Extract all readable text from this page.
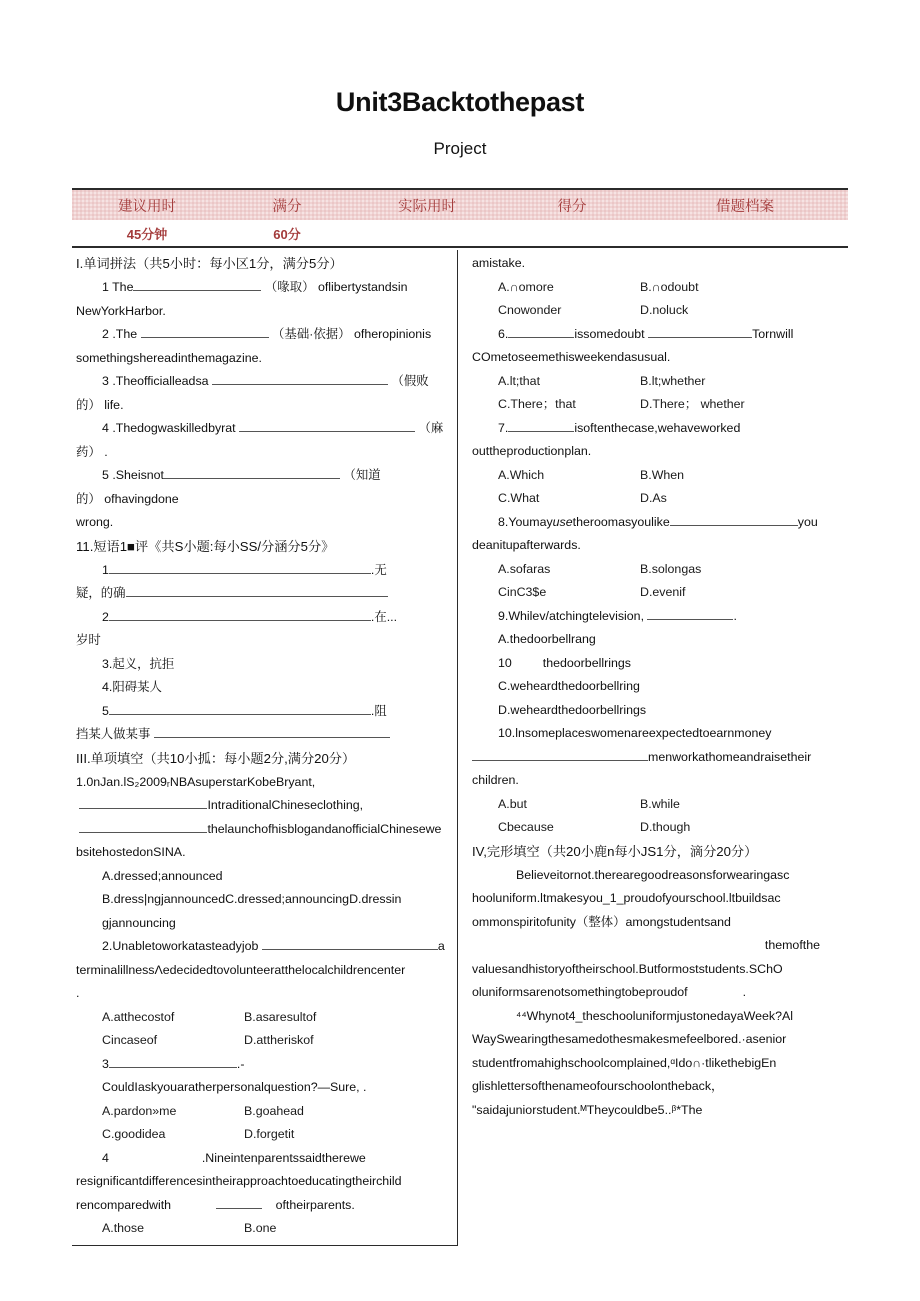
Unit3Backtothepast
Project
建议用时	满分	实际用时	得分	借题档案
45分钟	60分
I.单词拼法（共5小时：每小区1分，满分5分）
1 The	（喙取） oflibertystandsin
NewYorkHarbor.
2 .The	（基础·依据） ofheropinionis
somethingshereadinthemagazine.
3 .Theofficialleadsa	（假败的） life.
4 .Thedogwaskilledbyrat	（麻药） .
5 .Sheisnot	（知道的） ofhavingdone
wrong.
11.短语1■评《共S小题:每小SS/分涵分5分》
1	.无
疑，的确
2	.在...
岁时
3.起义，抗拒
4.阳碍某人
5	.阻
挡某人做某事
III.单项填空（共10小㧓：每小题2分,满分20分）
1.0nJan.lS₂2009ᵣNBAsuperstarKobeBryant,
IntraditionalChineseclothing,
thelaunchofhisblogandanofficialChinesewe
bsitehostedonSINA.
A.dressed;announced
B.dress|ngjannouncedC.dressed;announcingD.dressin
gjannouncing
2.Unabletoworkatasteadyjob	a
terminalillnessΛedecidedtovolunteeratthelocalchildrencenter
.
A.atthecostof	B.asaresultof
Cincaseof	D.attheriskof
3	.-
CouldIaskyouaratherpersonalquestion?—Sure, .
A.pardon»me	B.goahead
C.goodidea	D.forgetit
4	.Nineintenparentssaidtherewe
resignificantdifferencesintheirapproachtoeducatingtheirchild
rencomparedwith	oftheirparents.
A.those	B.one
amistake.
A.∩omore	B.∩odoubt
Cnowonder	D.noluck
6.	issomedoubt	Tornwill
COmetoseemethisweekendasusual.
A.lt;that	B.lt;whether
C.There；that	D.There； whether
7.	isoftenthecase,wehaveworked
outtheproductionplan.
A.Which	B.When
C.What	D.As
8.Youmayusetheroomasyoulike	you
deanitupafterwards.
A.sofaras	B.solongas
CinC3$e	D.evenif
9.Whilev/atchingtelevision,	.
A.thedoorbellrang
10 thedoorbellrings
C.weheardthedoorbellring
D.weheardthedoorbellrings
10.lnsomeplaceswomenareexpectedtoearnmoney
menworkathomeandraisetheir
children.
A.but	B.while
Cbecause	D.though
IV,完形填空（共20小鹿n每小JS1分，滴分20分）
Believeitornot.therearegoodreasonsforwearingasc
hooluniform.ltmakesyou_1_proudofyourschool.ltbuildsac
ommonspiritofunity（整体）amongstudentsand
themofthe
valuesandhistoryoftheirschool.Butformoststudents.SChO
oluniformsarenotsomethingtobeproudof                .
⁴⁴Whynot4_theschooluniformjustonedayaWeek?Al
WaySwearingthesamedothesmakesmefeelbored.·asenior
studentfromahighschoolcomplained,ᵅIdo∩·tlikethebigEn
glishlettersofthenameofourschoolontheback，
"saidajuniorstudent.ᴹTheycouldbe5..ᵝ*The
